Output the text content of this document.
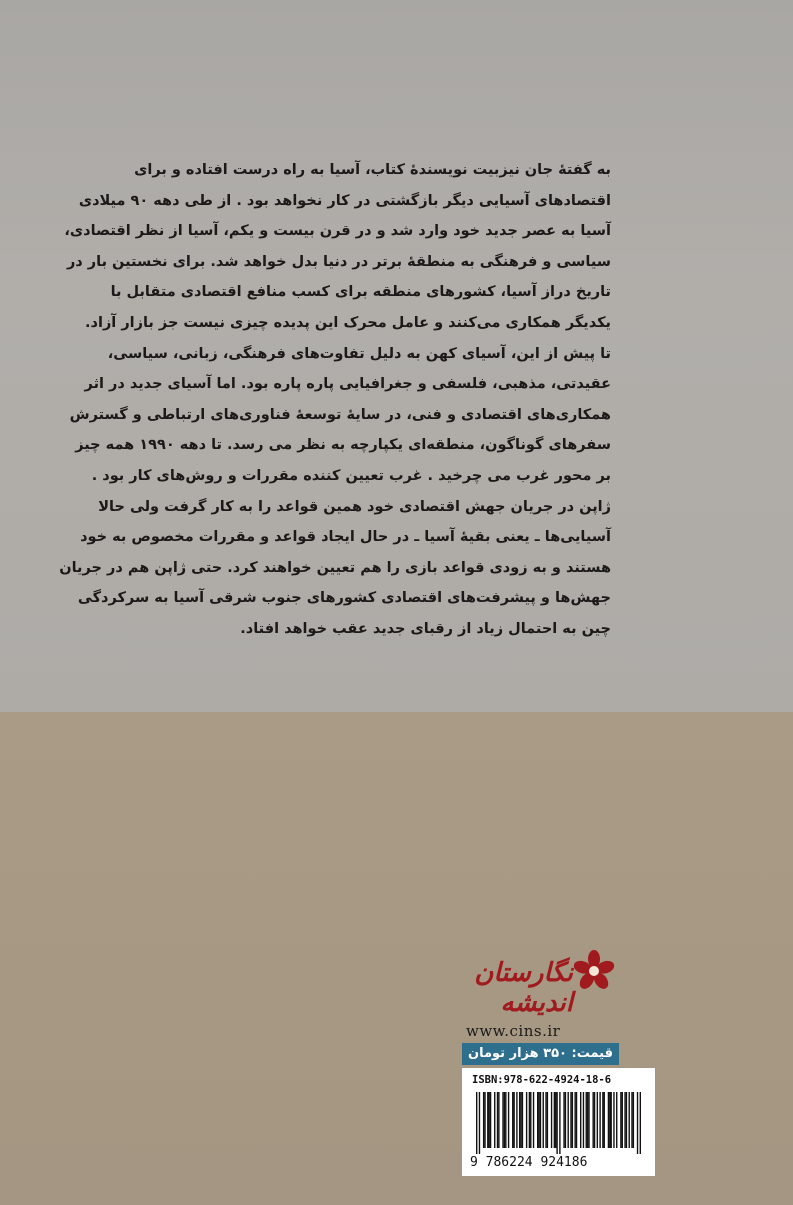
به گفتهٔ جان نیزبیت نویسندهٔ کتاب، آسیا به راه درست افتاده و برای

اقتصادهای آسیایی دیگر بازگشتی در کار نخواهد بود . از طی دهه ۹۰ میلادی

آسیا به عصر جدید خود وارد شد و در قرن بیست و یکم، آسیا از نظر اقتصادی،

سیاسی و فرهنگی به منطقهٔ برتر در دنیا بدل خواهد شد. برای نخستین بار در

تاریخ دراز آسیا، کشورهای منطقه برای کسب منافع اقتصادی متقابل با

یکدیگر همکاری می‌کنند و عامل محرک این پدیده چیزی نیست جز بازار آزاد.

تا پیش از این، آسیای کهن به دلیل تفاوت‌های فرهنگی، زبانی، سیاسی،

عقیدتی، مذهبی، فلسفی و جغرافیایی پاره پاره بود. اما آسیای جدید در اثر

همکاری‌های اقتصادی و فنی، در سایهٔ توسعهٔ فناوری‌های ارتباطی و گسترش

سفرهای گوناگون، منطقه‌ای یکپارچه به نظر می رسد. تا دهه ۱۹۹۰ همه چیز

بر محور غرب می چرخید . غرب تعیین کننده مقررات و روش‌های کار بود .

ژاپن در جریان جهش اقتصادی خود همین قواعد را به کار گرفت ولی حالا

آسیایی‌ها ـ یعنی بقیهٔ آسیا ـ در حال ایجاد قواعد و مقررات مخصوص به خود

هستند و به زودی قواعد بازی را هم تعیین خواهند کرد. حتی ژاپن هم در جریان

جهش‌ها و پیشرفت‌های اقتصادی کشورهای جنوب شرقی آسیا به سرکردگی

چین به احتمال زیاد از رقبای جدید عقب خواهد افتاد.

نگارستان اندیشه
www.cins.ir
قیمت: ۳۵۰ هزار تومان
ISBN:978-622-4924-18-6
9 786224 924186
